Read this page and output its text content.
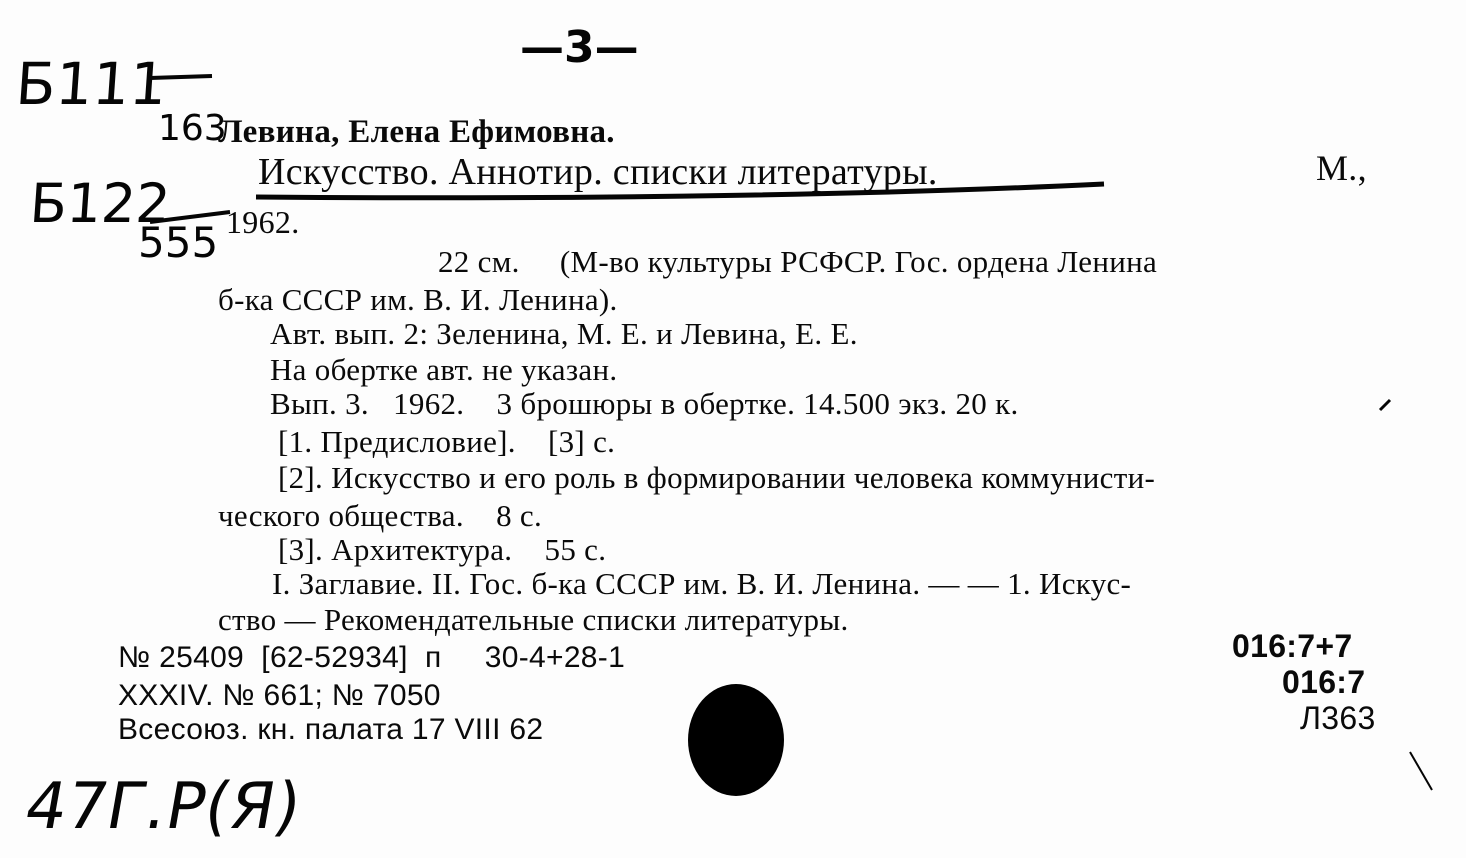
—3—
Б111
163
Б122
555
47Г.Р(Я)
Левина, Елена Ефимовна.
Искусство. Аннотир. списки литературы.	М.,
1962.
22 см.     (М-во культуры РСФСР. Гос. ордена Ленина
б-ка СССР им. В. И. Ленина).
Авт. вып. 2: Зеленина, М. Е. и Левина, Е. Е.
На обертке авт. не указан.
Вып. 3.   1962.    3 брошюры в обертке. 14.500 экз. 20 к.
[1. Предисловие].    [3] с.
[2]. Искусство и его роль в формировании человека коммунисти-
ческого общества.    8 с.
[3]. Архитектура.    55 с.
I. Заглавие. II. Гос. б-ка СССР им. В. И. Ленина. — — 1. Искус-
ство — Рекомендательные списки литературы.
№ 25409  [62-52934]  п     30-4+28-1
XXXIV. № 661; № 7050
Всесоюз. кн. палата 17 VIII 62
016:7+7
016:7
Л363
